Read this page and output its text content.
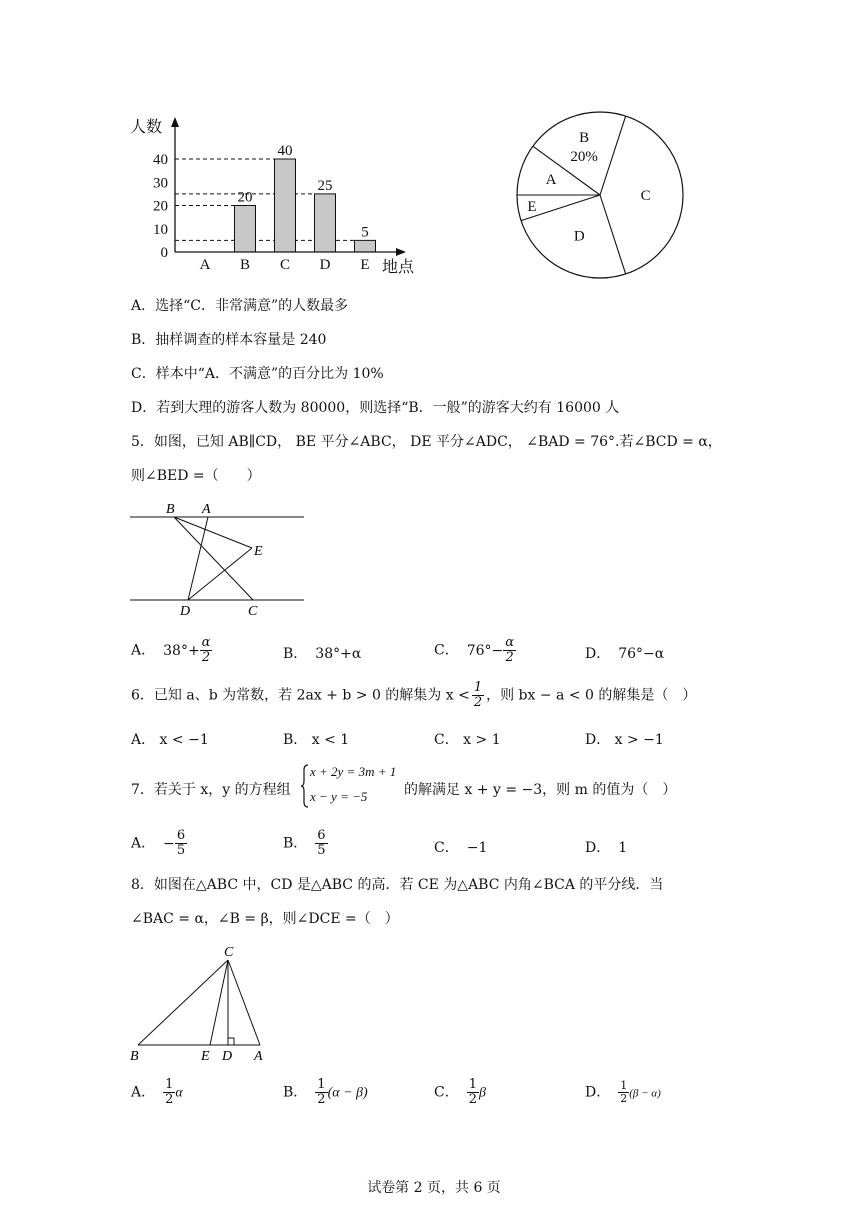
人数
地点
0
10
20
30
40
A
20
B
40
C
25
D
5
E
A
B
20%
C
D
E
A．选择“C．非常满意”的人数最多
B．抽样调查的样本容量是 240
C．样本中“A．不满意”的百分比为 10%
D．若到大理的游客人数为 80000，则选择“B．一般”的游客大约有 16000 人
5．如图，已知 AB∥CD， BE 平分∠ABC， DE 平分∠ADC， ∠BAD = 76°.若∠BCD = α，
则∠BED =（　　）
B A
E
D	C
A． $38^\circ+ \frac{\alpha}{2}$	B． 38°+α	C． $76^\circ- \frac{\alpha}{2}$	D． 76°−α
6．已知 a、b 为常数，若 2ax + b > 0 的解集为 $x < \frac{1}{2}$ ，则 bx − a < 0 的解集是（　）
A． x < −1	B． x < 1	C． x > 1	D． x > −1
7．若关于 x，y 的方程组
x + 2y = 3m + 1
x − y = −5	的解满足 x + y = −3，则 m 的值为（　）
A． − $\frac{6}{5}$	B． $\frac{6}{5}$	C． −1	D． 1
8．如图在△ABC 中，CD 是△ABC 的高．若 CE 为△ABC 内角∠BCA 的平分线．当
∠BAC = α，∠B = β，则∠DCE =（　）
C
B	E D A
A． $\frac{1}{2}$ α	B． $\frac{1}{2} (\alpha - \beta)$	C． $\frac{1}{2}$ β	D． $\frac{1}{2} (\beta - \alpha)$
试卷第 2 页，共 6 页
